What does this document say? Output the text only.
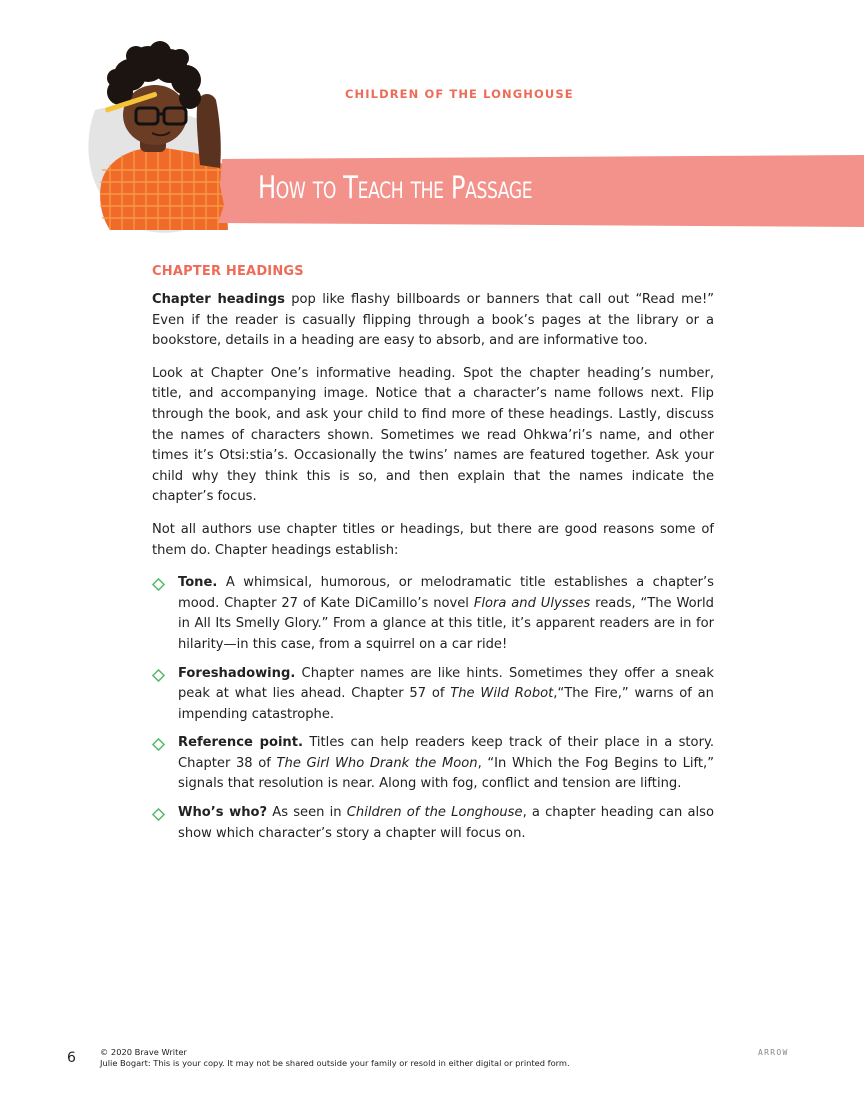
CHILDREN OF THE LONGHOUSE
How to Teach the Passage
CHAPTER HEADINGS

Chapter headings pop like flashy billboards or banners that call out “Read me!” Even if the reader is casually flipping through a book’s pages at the library or a bookstore, details in a heading are easy to absorb, and are informative too.

Look at Chapter One’s informative heading. Spot the chapter heading’s number, title, and accompanying image. Notice that a character’s name follows next. Flip through the book, and ask your child to find more of these headings. Lastly, discuss the names of characters shown. Sometimes we read Ohkwa’ri’s name, and other times it’s Otsi:stia’s. Occasionally the twins’ names are featured together. Ask your child why they think this is so, and then explain that the names indicate the chapter’s focus.

Not all authors use chapter titles or headings, but there are good reasons some of them do. Chapter headings establish:

Tone. A whimsical, humorous, or melodramatic title establishes a chapter’s mood. Chapter 27 of Kate DiCamillo’s novel Flora and Ulysses reads, “The World in All Its Smelly Glory.” From a glance at this title, it’s apparent readers are in for hilarity—in this case, from a squirrel on a car ride!
Foreshadowing. Chapter names are like hints. Sometimes they offer a sneak peak at what lies ahead. Chapter 57 of The Wild Robot,“The Fire,” warns of an impending catastrophe.
Reference point. Titles can help readers keep track of their place in a story. Chapter 38 of The Girl Who Drank the Moon, “In Which the Fog Begins to Lift,” signals that resolution is near. Along with fog, conflict and tension are lifting.
Who’s who? As seen in Children of the Longhouse, a chapter heading can also show which character’s story a chapter will focus on.
6	© 2020 Brave Writer
Julie Bogart: This is your copy. It may not be shared outside your family or resold in either digital or printed form.
ARROW
